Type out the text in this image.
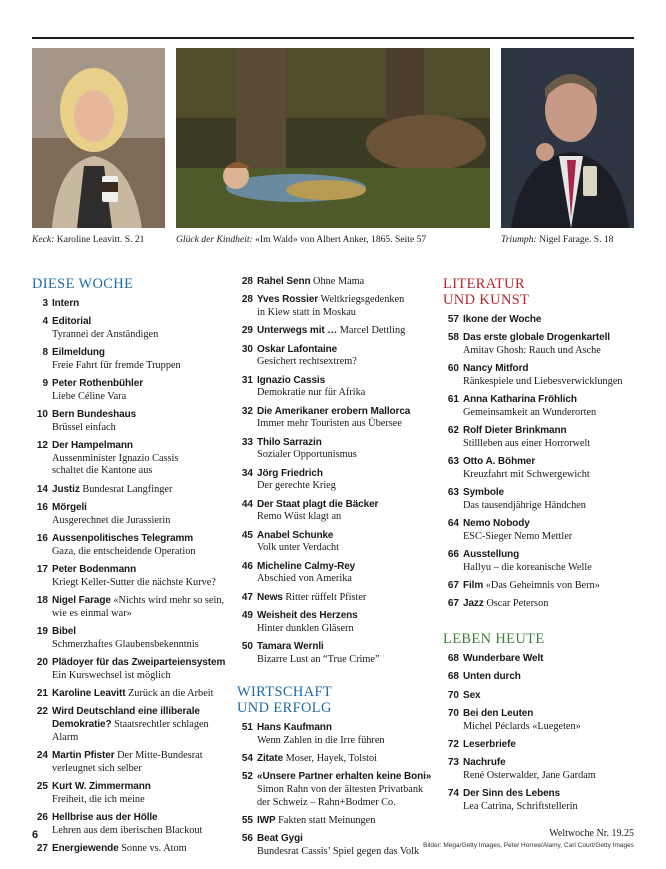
Keck: Karoline Leavitt. S. 21	Glück der Kindheit: «Im Wald» von Albert Anker, 1865. Seite 57	Triumph: Nigel Farage. S. 18
DIESE WOCHE
3 Intern
4 Editorial
Tyrannei der Anständigen
8 Eilmeldung
Freie Fahrt für fremde Truppen
9 Peter Rothenbühler
Liebe Céline Vara
10 Bern Bundeshaus
Brüssel einfach
12 Der Hampelmann
Aussenminister Ignazio Cassis
schaltet die Kantone aus
14 Justiz Bundesrat Langfinger
16 Mörgeli
Ausgerechnet die Jurassierin
16 Aussenpolitisches Telegramm
Gaza, die entscheidende Operation
17 Peter Bodenmann
Kriegt Keller-Sutter die nächste Kurve?
18 Nigel Farage «Nichts wird mehr so sein,
wie es einmal war»
19 Bibel
Schmerzhaftes Glaubensbekenntnis
20 Plädoyer für das Zweiparteiensystem
Ein Kurswechsel ist möglich
21 Karoline Leavitt Zurück an die Arbeit
22 Wird Deutschland eine illiberale
Demokratie? Staatsrechtler schlagen
Alarm
24 Martin Pfister Der Mitte-Bundesrat
verleugnet sich selber
25 Kurt W. Zimmermann
Freiheit, die ich meine
26 Hellbrise aus der Hölle
Lehren aus dem iberischen Blackout
27 Energiewende Sonne vs. Atom
28 Rahel Senn Ohne Mama
28 Yves Rossier Weltkriegsgedenken
in Kiew statt in Moskau
29 Unterwegs mit … Marcel Dettling
30 Oskar Lafontaine
Gesichert rechtsextrem?
31 Ignazio Cassis
Demokratie nur für Afrika
32 Die Amerikaner erobern Mallorca
Immer mehr Touristen aus Übersee
33 Thilo Sarrazin
Sozialer Opportunismus
34 Jörg Friedrich
Der gerechte Krieg
44 Der Staat plagt die Bäcker
Remo Wüst klagt an
45 Anabel Schunke
Volk unter Verdacht
46 Micheline Calmy-Rey
Abschied von Amerika
47 News Ritter rüffelt Pfister
49 Weisheit des Herzens
Hinter dunklen Gläsern
50 Tamara Wernli
Bizarre Lust an “True Crime”
WIRTSCHAFT
UND ERFOLG
51 Hans Kaufmann
Wenn Zahlen in die Irre führen
54 Zitate Moser, Hayek, Tolstoi
52 «Unsere Partner erhalten keine Boni»
Simon Rahn von der ältesten Privatbank
der Schweiz – Rahn+Bodmer Co.
55 IWP Fakten statt Meinungen
56 Beat Gygi
Bundesrat Cassis’ Spiel gegen das Volk
LITERATUR
UND KUNST
57 Ikone der Woche
58 Das erste globale Drogenkartell
Amitav Ghosh: Rauch und Asche
60 Nancy Mitford
Ränkespiele und Liebesverwicklungen
61 Anna Katharina Fröhlich
Gemeinsamkeit an Wunderorten
62 Rolf Dieter Brinkmann
Stillleben aus einer Horrorwelt
63 Otto A. Böhmer
Kreuzfahrt mit Schwergewicht
63 Symbole
Das tausendjährige Händchen
64 Nemo Nobody
ESC-Sieger Nemo Mettler
66 Ausstellung
Hallyu – die koreanische Welle
67 Film «Das Geheimnis von Bern»
67 Jazz Oscar Peterson
LEBEN HEUTE
68 Wunderbare Welt
68 Unten durch
70 Sex
70 Bei den Leuten
Michel Péclards «Luegeten»
72 Leserbriefe
73 Nachrufe
René Osterwalder, Jane Gardam
74 Der Sinn des Lebens
Lea Catrina, Schriftstellerin
6	Weltwoche Nr. 19.25
Bilder: Mega/Getty Images, Peter Horree/Alamy, Carl Court/Getty Images
